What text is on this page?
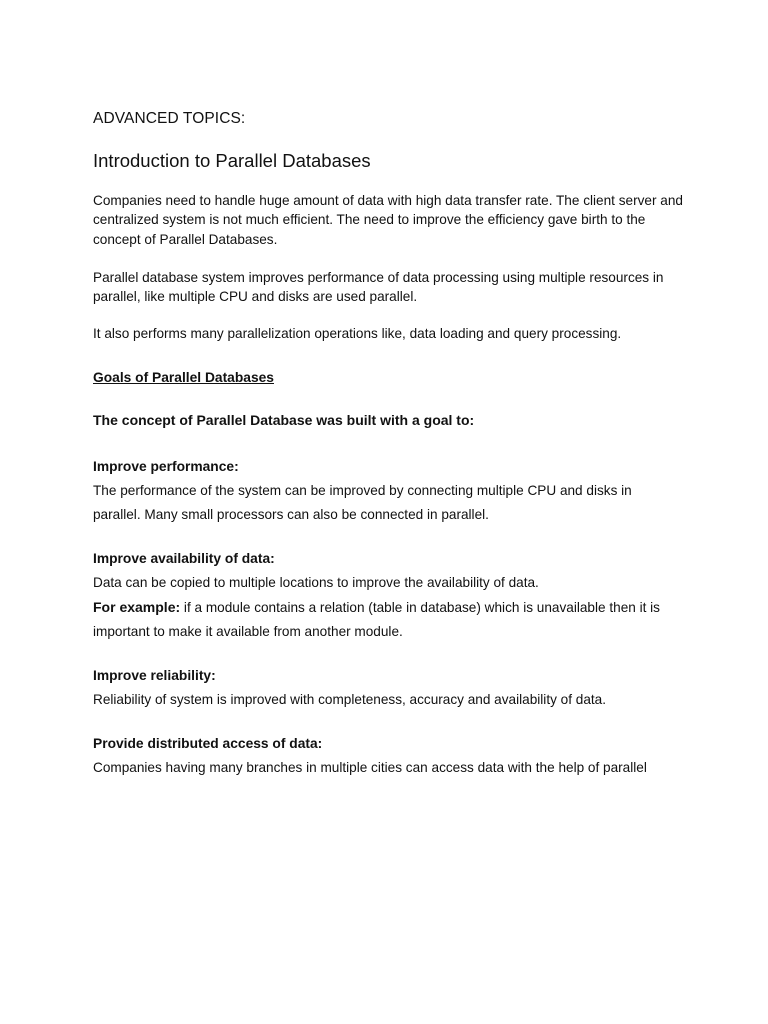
ADVANCED TOPICS:

Introduction to Parallel Databases

Companies need to handle huge amount of data with high data transfer rate. The client server and centralized system is not much efficient. The need to improve the efficiency gave birth to the concept of Parallel Databases.

Parallel database system improves performance of data processing using multiple resources in parallel, like multiple CPU and disks are used parallel.

It also performs many parallelization operations like, data loading and query processing.

Goals of Parallel Databases

The concept of Parallel Database was built with a goal to:

Improve performance:

The performance of the system can be improved by connecting multiple CPU and disks in parallel. Many small processors can also be connected in parallel.

Improve availability of data:

Data can be copied to multiple locations to improve the availability of data.

For example: if a module contains a relation (table in database) which is unavailable then it is important to make it available from another module.

Improve reliability:

Reliability of system is improved with completeness, accuracy and availability of data.

Provide distributed access of data:

Companies having many branches in multiple cities can access data with the help of parallel
